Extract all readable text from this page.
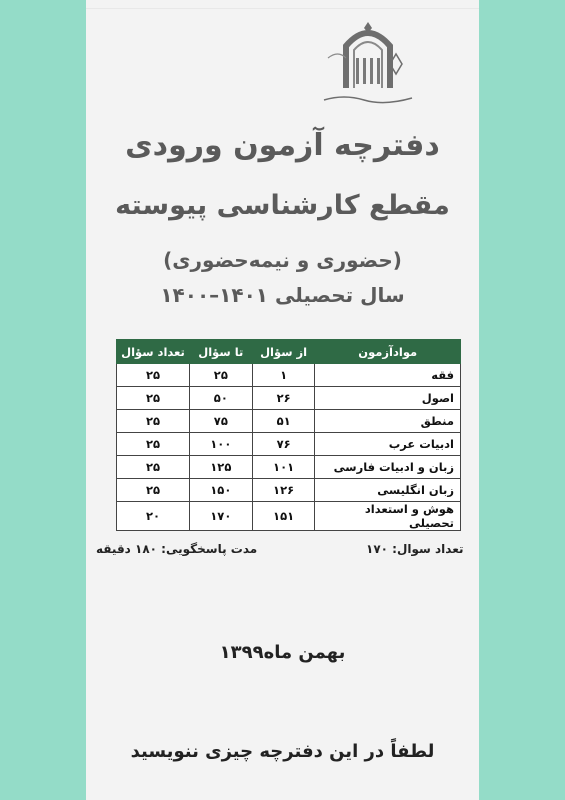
دفترچه آزمون ورودی
مقطع کارشناسی پیوسته
(حضوری و نیمه‌حضوری)
سال تحصیلی ۱۴۰۱–۱۴۰۰
موادآزمون	از سؤال	تا سؤال	تعداد سؤال
فقه	۱	۲۵	۲۵
اصول	۲۶	۵۰	۲۵
منطق	۵۱	۷۵	۲۵
ادبیات عرب	۷۶	۱۰۰	۲۵
زبان و ادبیات فارسی	۱۰۱	۱۲۵	۲۵
زبان انگلیسی	۱۲۶	۱۵۰	۲۵
هوش و استعداد تحصیلی	۱۵۱	۱۷۰	۲۰
تعداد سوال: ۱۷۰
مدت پاسخگویی: ۱۸۰ دقیقه
بهمن ماه۱۳۹۹
لطفاً در این دفترچه چیزی ننویسید
